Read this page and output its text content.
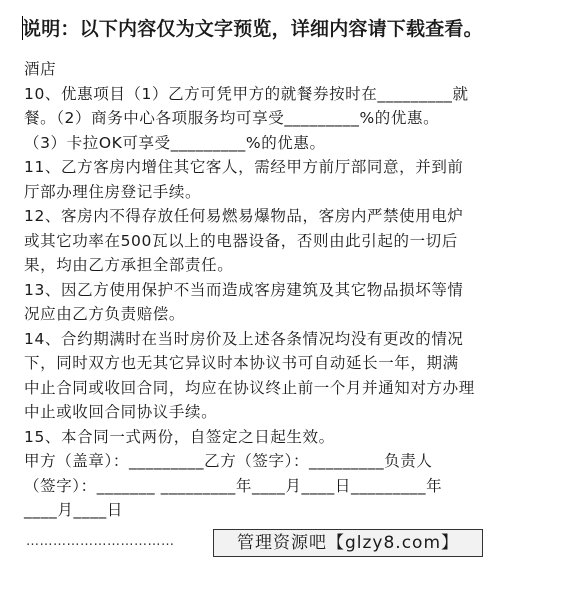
说明：以下内容仅为文字预览，详细内容请下载查看。

酒店

10、优惠项目（1）乙方可凭甲方的就餐券按时在_________就

餐。（2）商务中心各项服务均可享受_________%的优惠。

（3）卡拉OK可享受_________%的优惠。

11、乙方客房内增住其它客人，需经甲方前厅部同意，并到前

厅部办理住房登记手续。

12、客房内不得存放任何易燃易爆物品，客房内严禁使用电炉

或其它功率在500瓦以上的电器设备，否则由此引起的一切后

果，均由乙方承担全部责任。

13、因乙方使用保护不当而造成客房建筑及其它物品损坏等情

况应由乙方负责赔偿。

14、合约期满时在当时房价及上述各条情况均没有更改的情况

下，同时双方也无其它异议时本协议书可自动延长一年，期满

中止合同或收回合同，均应在协议终止前一个月并通知对方办理

中止或收回合同协议手续。

15、本合同一式两份，自签定之日起生效。

甲方（盖章）：_________乙方（签字）：_________负责人

（签字）：_______ _________年____月____日_________年

____月____日

……………………………	管理资源吧【glzy8.com】
